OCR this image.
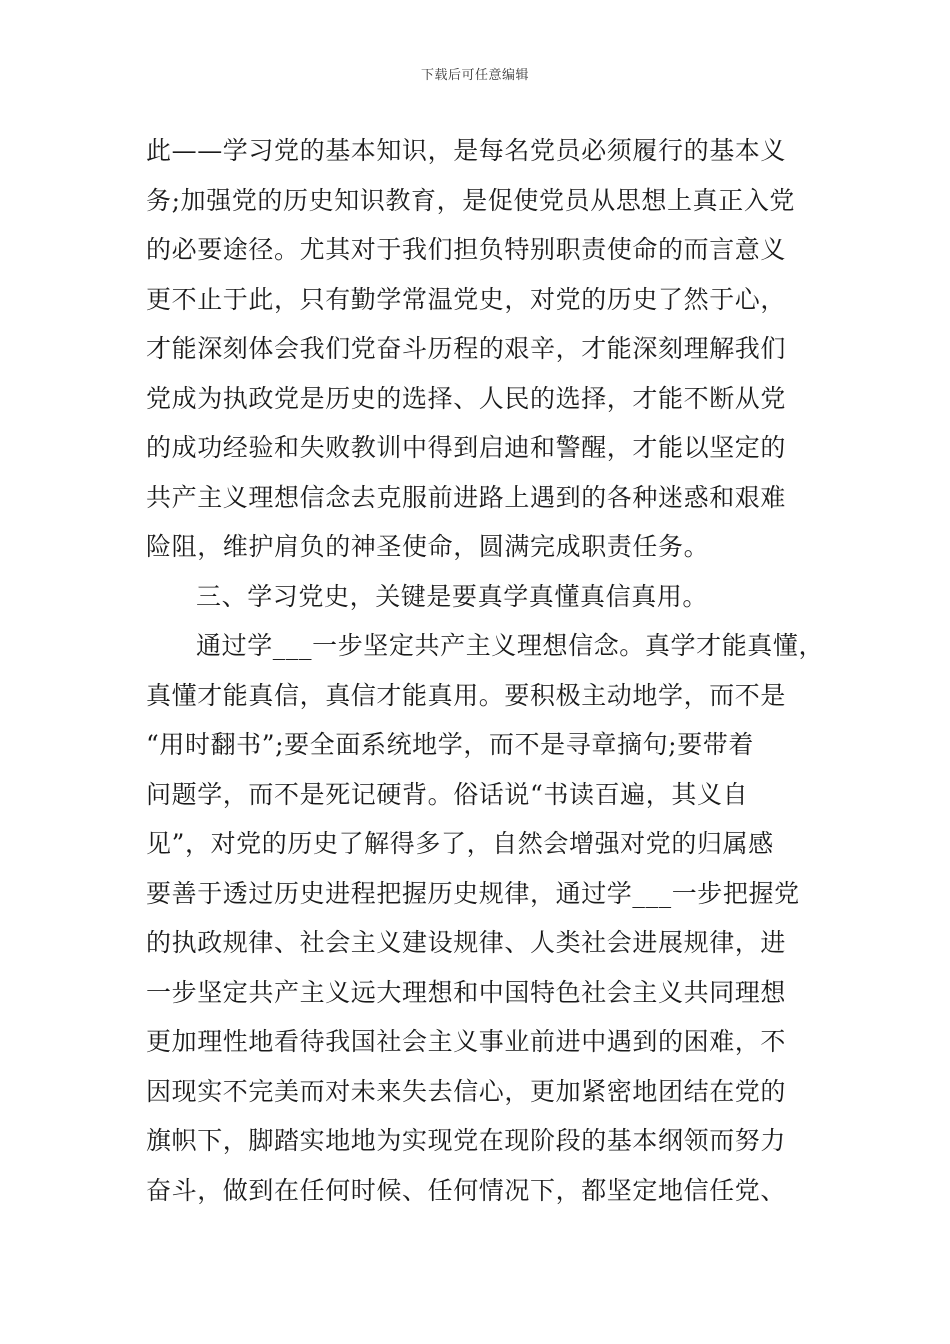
下载后可任意编辑
此——学习党的基本知识，是每名党员必须履行的基本义
务;加强党的历史知识教育，是促使党员从思想上真正入党
的必要途径。尤其对于我们担负特别职责使命的而言意义
更不止于此，只有勤学常温党史，对党的历史了然于心，
才能深刻体会我们党奋斗历程的艰辛，才能深刻理解我们
党成为执政党是历史的选择、人民的选择，才能不断从党
的成功经验和失败教训中得到启迪和警醒，才能以坚定的
共产主义理想信念去克服前进路上遇到的各种迷惑和艰难
险阻，维护肩负的神圣使命，圆满完成职责任务。
三、学习党史，关键是要真学真懂真信真用。
通过学___一步坚定共产主义理想信念。真学才能真懂，
真懂才能真信，真信才能真用。要积极主动地学，而不是
“用时翻书”;要全面系统地学，而不是寻章摘句;要带着
问题学，而不是死记硬背。俗话说“书读百遍，其义自
见”，对党的历史了解得多了，自然会增强对党的归属感
要善于透过历史进程把握历史规律，通过学___一步把握党
的执政规律、社会主义建设规律、人类社会进展规律，进
一步坚定共产主义远大理想和中国特色社会主义共同理想
更加理性地看待我国社会主义事业前进中遇到的困难，不
因现实不完美而对未来失去信心，更加紧密地团结在党的
旗帜下，脚踏实地地为实现党在现阶段的基本纲领而努力
奋斗，做到在任何时候、任何情况下，都坚定地信任党、
